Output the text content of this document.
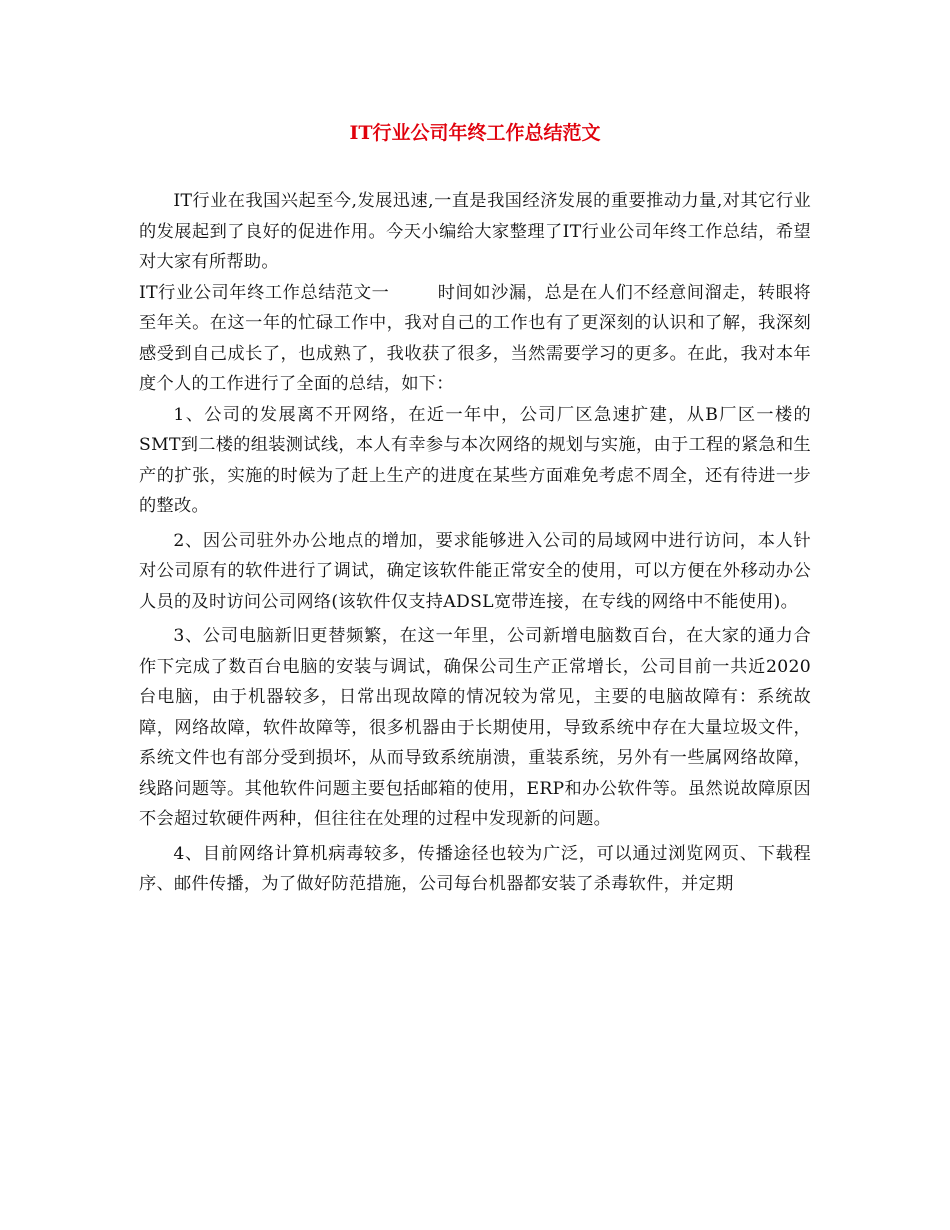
IT行业公司年终工作总结范文

IT行业在我国兴起至今,发展迅速,一直是我国经济发展的重要推动力量,对其它行业的发展起到了良好的促进作用。今天小编给大家整理了IT行业公司年终工作总结，希望对大家有所帮助。

IT行业公司年终工作总结范文一	时间如沙漏，总是在人们不经意间溜走，转眼将至年关。在这一年的忙碌工作中，我对自己的工作也有了更深刻的认识和了解，我深刻感受到自己成长了，也成熟了，我收获了很多，当然需要学习的更多。在此，我对本年度个人的工作进行了全面的总结，如下：

1、公司的发展离不开网络，在近一年中，公司厂区急速扩建，从B厂区一楼的SMT到二楼的组装测试线，本人有幸参与本次网络的规划与实施，由于工程的紧急和生产的扩张，实施的时候为了赶上生产的进度在某些方面难免考虑不周全，还有待进一步的整改。

2、因公司驻外办公地点的增加，要求能够进入公司的局域网中进行访问，本人针对公司原有的软件进行了调试，确定该软件能正常安全的使用，可以方便在外移动办公人员的及时访问公司网络(该软件仅支持ADSL宽带连接，在专线的网络中不能使用)。

3、公司电脑新旧更替频繁，在这一年里，公司新增电脑数百台，在大家的通力合作下完成了数百台电脑的安装与调试，确保公司生产正常增长，公司目前一共近2020台电脑，由于机器较多，日常出现故障的情况较为常见，主要的电脑故障有：系统故障，网络故障，软件故障等，很多机器由于长期使用，导致系统中存在大量垃圾文件，系统文件也有部分受到损坏，从而导致系统崩溃，重装系统，另外有一些属网络故障，线路问题等。其他软件问题主要包括邮箱的使用，ERP和办公软件等。虽然说故障原因不会超过软硬件两种，但往往在处理的过程中发现新的问题。

4、目前网络计算机病毒较多，传播途径也较为广泛，可以通过浏览网页、下载程序、邮件传播，为了做好防范措施，公司每台机器都安装了杀毒软件，并定期
